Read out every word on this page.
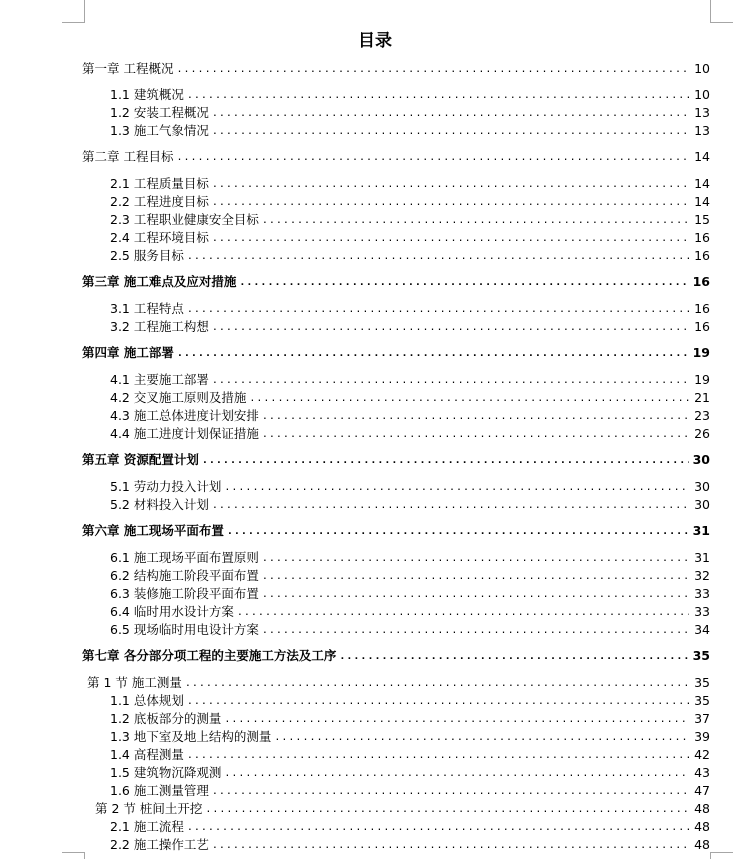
目录
第一章 工程概况 .....	10
1.1 建筑概况 .....	10
1.2 安装工程概况 .....	13
1.3 施工气象情况 .....	13
第二章 工程目标 .....	14
2.1 工程质量目标 .....	14
2.2 工程进度目标 .....	14
2.3 工程职业健康安全目标 .....	15
2.4 工程环境目标 .....	16
2.5 服务目标 .....	16
第三章 施工难点及应对措施 .....	16
3.1 工程特点 .....	16
3.2 工程施工构想 .....	16
第四章 施工部署 .....	19
4.1 主要施工部署 .....	19
4.2 交叉施工原则及措施 .....	21
4.3 施工总体进度计划安排 .....	23
4.4 施工进度计划保证措施 .....	26
第五章 资源配置计划 .....	30
5.1 劳动力投入计划 .....	30
5.2 材料投入计划 .....	30
第六章 施工现场平面布置 .....	31
6.1 施工现场平面布置原则 .....	31
6.2 结构施工阶段平面布置 .....	32
6.3 装修施工阶段平面布置 .....	33
6.4 临时用水设计方案 .....	33
6.5 现场临时用电设计方案 .....	34
第七章 各分部分项工程的主要施工方法及工序 .....	35
第 1 节 施工测量 .....	35
1.1 总体规划 .....	35
1.2 底板部分的测量 .....	37
1.3 地下室及地上结构的测量 .....	39
1.4 高程测量 .....	42
1.5 建筑物沉降观测 .....	43
1.6 施工测量管理 .....	47
第 2 节 桩间土开挖 .....	48
2.1 施工流程 .....	48
2.2 施工操作工艺 .....	48
